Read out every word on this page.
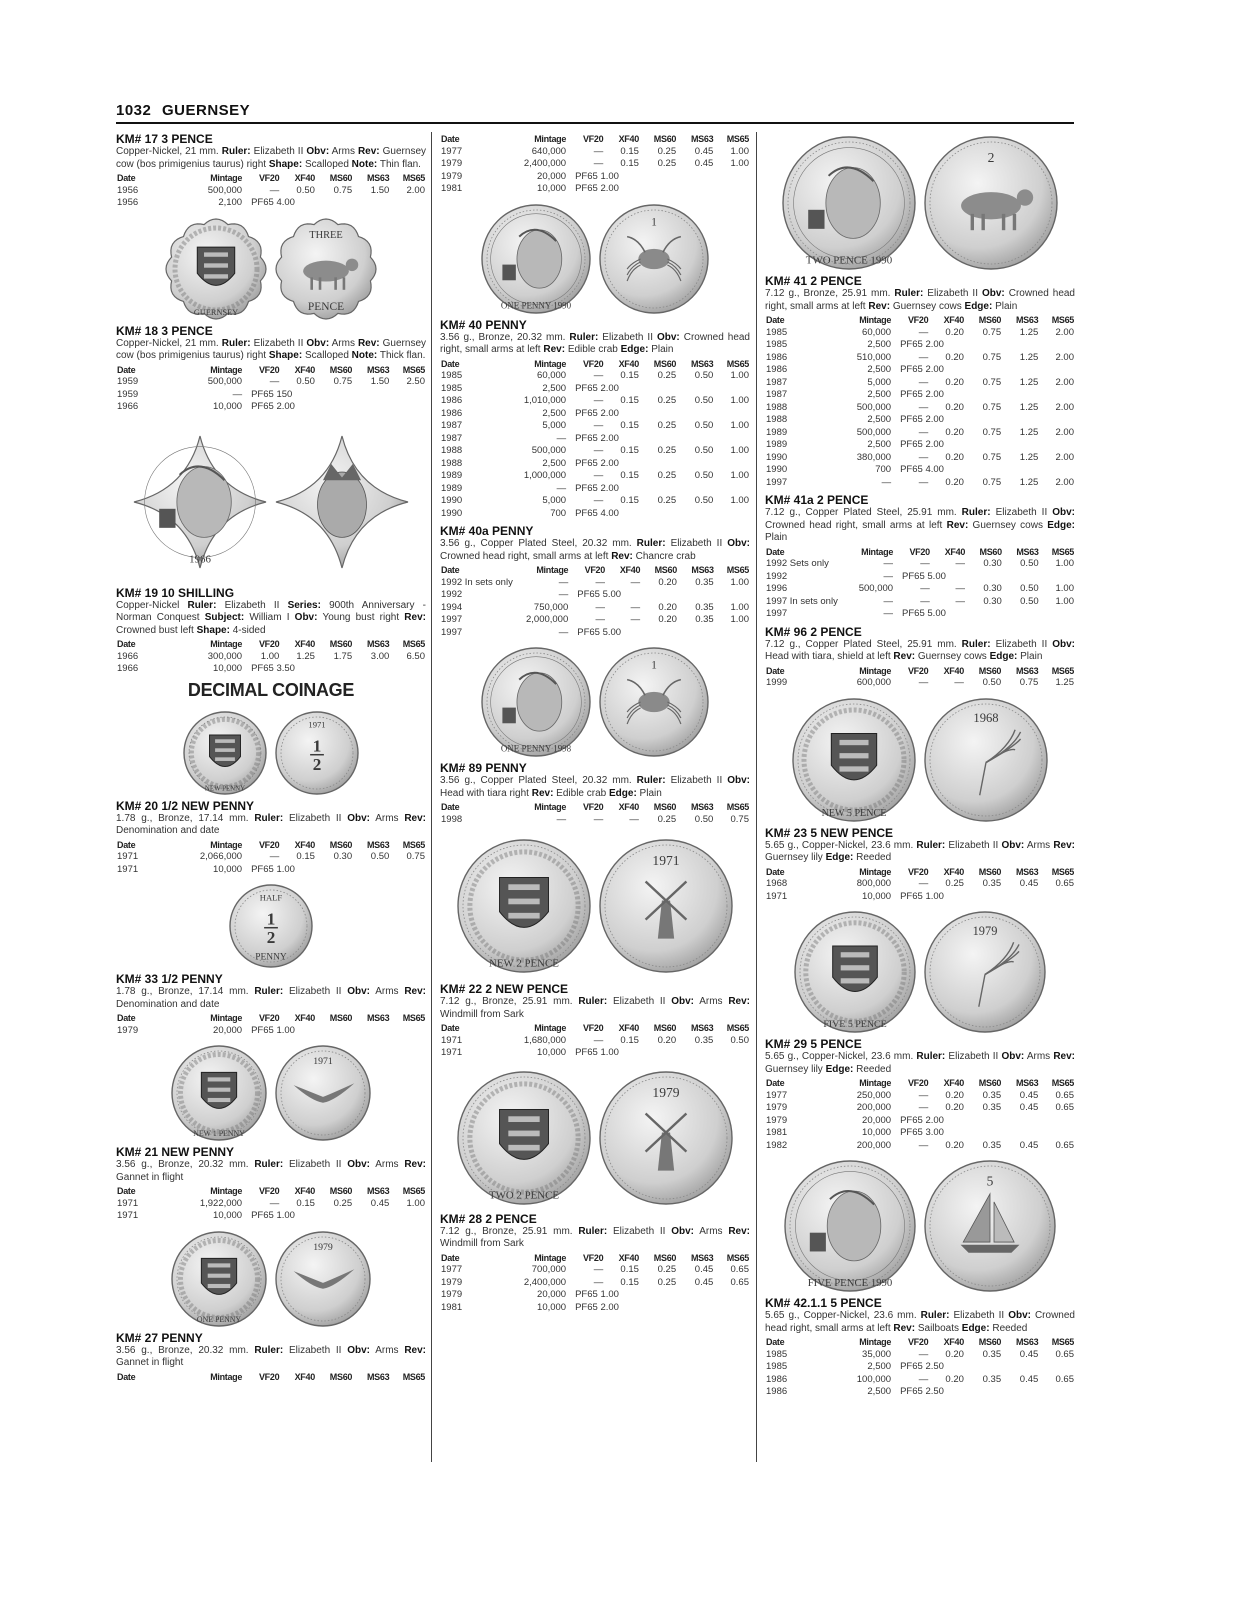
1032 GUERNSEY
KM# 17 3 PENCE

Copper-Nickel, 21 mm. Ruler: Elizabeth II Obv: Arms Rev: Guernsey cow (bos primigenius taurus) right Shape: Scalloped Note: Thin flan.

Date	Mintage	VF20	XF40	MS60	MS63	MS65
1956	500,000	—	0.50	0.75	1.50	2.00
1956	2,100	PF65 4.00				
GUERNSEY
THREE
PENCE
KM# 18 3 PENCE

Copper-Nickel, 21 mm. Ruler: Elizabeth II Obv: Arms Rev: Guernsey cow (bos primigenius taurus) right Shape: Scalloped Note: Thick flan.

Date	Mintage	VF20	XF40	MS60	MS63	MS65
1959	500,000	—	0.50	0.75	1.50	2.50
1959	—	PF65 150				
1966	10,000	PF65 2.00				
1966
KM# 19 10 SHILLING

Copper-Nickel Ruler: Elizabeth II Series: 900th Anniversary - Norman Conquest Subject: William I Obv: Young bust right Rev: Crowned bust left Shape: 4-sided

Date	Mintage	VF20	XF40	MS60	MS63	MS65
1966	300,000	1.00	1.25	1.75	3.00	6.50
1966	10,000	PF65 3.50				
DECIMAL COINAGE
NEW PENNY
1
2
1971
KM# 20 1/2 NEW PENNY

1.78 g., Bronze, 17.14 mm. Ruler: Elizabeth II Obv: Arms Rev: Denomination and date

Date	Mintage	VF20	XF40	MS60	MS63	MS65
1971	2,066,000	—	0.15	0.30	0.50	0.75
1971	10,000	PF65 1.00				
1
2
HALF
PENNY
KM# 33 1/2 PENNY

1.78 g., Bronze, 17.14 mm. Ruler: Elizabeth II Obv: Arms Rev: Denomination and date

Date	Mintage	VF20	XF40	MS60	MS63	MS65
1979	20,000	PF65 1.00				
NEW 1 PENNY
1971
KM# 21 NEW PENNY

3.56 g., Bronze, 20.32 mm. Ruler: Elizabeth II Obv: Arms Rev: Gannet in flight

Date	Mintage	VF20	XF40	MS60	MS63	MS65
1971	1,922,000	—	0.15	0.25	0.45	1.00
1971	10,000	PF65 1.00				
ONE PENNY
1979
KM# 27 PENNY

3.56 g., Bronze, 20.32 mm. Ruler: Elizabeth II Obv: Arms Rev: Gannet in flight

Date	Mintage	VF20	XF40	MS60	MS63	MS65
Date	Mintage	VF20	XF40	MS60	MS63	MS65
1977	640,000	—	0.15	0.25	0.45	1.00
1979	2,400,000	—	0.15	0.25	0.45	1.00
1979	20,000	PF65 1.00				
1981	10,000	PF65 2.00				
ONE PENNY 1990
1
KM# 40 PENNY

3.56 g., Bronze, 20.32 mm. Ruler: Elizabeth II Obv: Crowned head right, small arms at left Rev: Edible crab Edge: Plain

Date	Mintage	VF20	XF40	MS60	MS63	MS65
1985	60,000	—	0.15	0.25	0.50	1.00
1985	2,500	PF65 2.00				
1986	1,010,000	—	0.15	0.25	0.50	1.00
1986	2,500	PF65 2.00				
1987	5,000	—	0.15	0.25	0.50	1.00
1987	—	PF65 2.00				
1988	500,000	—	0.15	0.25	0.50	1.00
1988	2,500	PF65 2.00				
1989	1,000,000	—	0.15	0.25	0.50	1.00
1989	—	PF65 2.00				
1990	5,000	—	0.15	0.25	0.50	1.00
1990	700	PF65 4.00				
KM# 40a PENNY

3.56 g., Copper Plated Steel, 20.32 mm. Ruler: Elizabeth II Obv: Crowned head right, small arms at left Rev: Chancre crab

Date	Mintage	VF20	XF40	MS60	MS63	MS65
1992 In sets only	—	—	—	0.20	0.35	1.00
1992	—	PF65 5.00				
1994	750,000	—	—	0.20	0.35	1.00
1997	2,000,000	—	—	0.20	0.35	1.00
1997	—	PF65 5.00				
ONE PENNY 1998
1
KM# 89 PENNY

3.56 g., Copper Plated Steel, 20.32 mm. Ruler: Elizabeth II Obv: Head with tiara right Rev: Edible crab Edge: Plain

Date	Mintage	VF20	XF40	MS60	MS63	MS65
1998	—	—	—	0.25	0.50	0.75
NEW 2 PENCE
1971
KM# 22 2 NEW PENCE

7.12 g., Bronze, 25.91 mm. Ruler: Elizabeth II Obv: Arms Rev: Windmill from Sark

Date	Mintage	VF20	XF40	MS60	MS63	MS65
1971	1,680,000	—	0.15	0.20	0.35	0.50
1971	10,000	PF65 1.00				
TWO 2 PENCE
1979
KM# 28 2 PENCE

7.12 g., Bronze, 25.91 mm. Ruler: Elizabeth II Obv: Arms Rev: Windmill from Sark

Date	Mintage	VF20	XF40	MS60	MS63	MS65
1977	700,000	—	0.15	0.25	0.45	0.65
1979	2,400,000	—	0.15	0.25	0.45	0.65
1979	20,000	PF65 1.00				
1981	10,000	PF65 2.00				
TWO PENCE 1990
2
KM# 41 2 PENCE

7.12 g., Bronze, 25.91 mm. Ruler: Elizabeth II Obv: Crowned head right, small arms at left Rev: Guernsey cows Edge: Plain

Date	Mintage	VF20	XF40	MS60	MS63	MS65
1985	60,000	—	0.20	0.75	1.25	2.00
1985	2,500	PF65 2.00				
1986	510,000	—	0.20	0.75	1.25	2.00
1986	2,500	PF65 2.00				
1987	5,000	—	0.20	0.75	1.25	2.00
1987	2,500	PF65 2.00				
1988	500,000	—	0.20	0.75	1.25	2.00
1988	2,500	PF65 2.00				
1989	500,000	—	0.20	0.75	1.25	2.00
1989	2,500	PF65 2.00				
1990	380,000	—	0.20	0.75	1.25	2.00
1990	700	PF65 4.00				
1997	—	—	0.20	0.75	1.25	2.00
KM# 41a 2 PENCE

7.12 g., Copper Plated Steel, 25.91 mm. Ruler: Elizabeth II Obv: Crowned head right, small arms at left Rev: Guernsey cows Edge: Plain

Date	Mintage	VF20	XF40	MS60	MS63	MS65
1992 Sets only	—	—	—	0.30	0.50	1.00
1992	—	PF65 5.00				
1996	500,000	—	—	0.30	0.50	1.00
1997 In sets only	—	—	—	0.30	0.50	1.00
1997	—	PF65 5.00				
KM# 96 2 PENCE

7.12 g., Copper Plated Steel, 25.91 mm. Ruler: Elizabeth II Obv: Head with tiara, shield at left Rev: Guernsey cows Edge: Plain

Date	Mintage	VF20	XF40	MS60	MS63	MS65
1999	600,000	—	—	0.50	0.75	1.25
NEW 5 PENCE
1968
KM# 23 5 NEW PENCE

5.65 g., Copper-Nickel, 23.6 mm. Ruler: Elizabeth II Obv: Arms Rev: Guernsey lily Edge: Reeded

Date	Mintage	VF20	XF40	MS60	MS63	MS65
1968	800,000	—	0.25	0.35	0.45	0.65
1971	10,000	PF65 1.00				
FIVE 5 PENCE
1979
KM# 29 5 PENCE

5.65 g., Copper-Nickel, 23.6 mm. Ruler: Elizabeth II Obv: Arms Rev: Guernsey lily Edge: Reeded

Date	Mintage	VF20	XF40	MS60	MS63	MS65
1977	250,000	—	0.20	0.35	0.45	0.65
1979	200,000	—	0.20	0.35	0.45	0.65
1979	20,000	PF65 2.00				
1981	10,000	PF65 3.00				
1982	200,000	—	0.20	0.35	0.45	0.65
FIVE PENCE 1990
5
KM# 42.1.1 5 PENCE

5.65 g., Copper-Nickel, 23.6 mm. Ruler: Elizabeth II Obv: Crowned head right, small arms at left Rev: Sailboats Edge: Reeded

Date	Mintage	VF20	XF40	MS60	MS63	MS65
1985	35,000	—	0.20	0.35	0.45	0.65
1985	2,500	PF65 2.50				
1986	100,000	—	0.20	0.35	0.45	0.65
1986	2,500	PF65 2.50				
